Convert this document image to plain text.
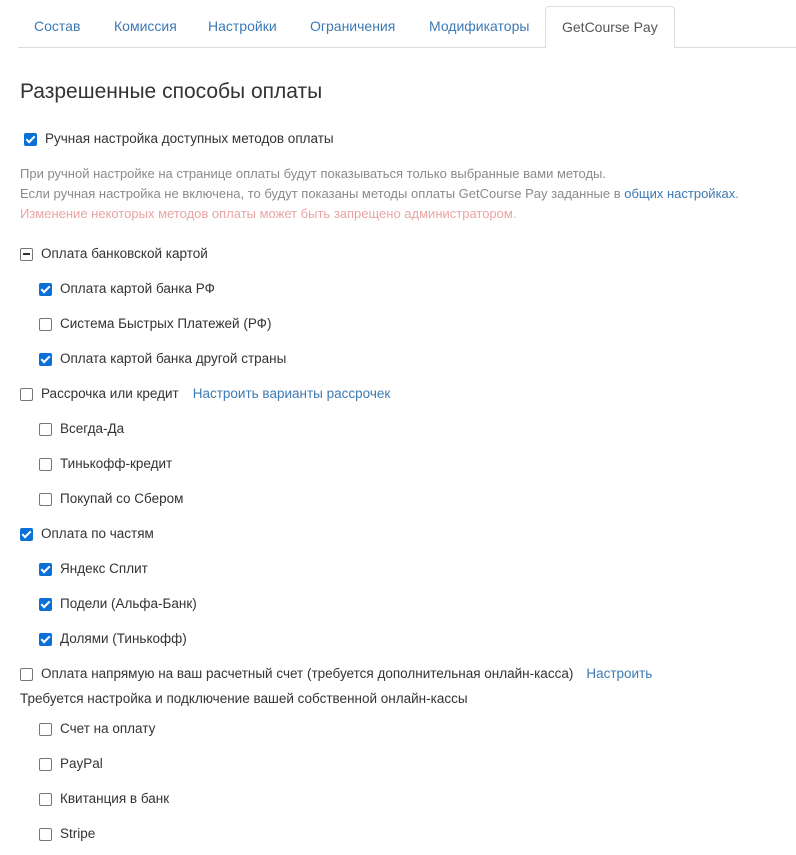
Состав	Комиссия	Настройки	Ограничения	Модификаторы	GetCourse Pay
Разрешенные способы оплаты
Ручная настройка доступных методов оплаты
При ручной настройке на странице оплаты будут показываться только выбранные вами методы.
Если ручная настройка не включена, то будут показаны методы оплаты GetCourse Pay заданные в общих настройках.
Изменение некоторых методов оплаты может быть запрещено администратором.
Оплата банковской картой
Оплата картой банка РФ
Система Быстрых Платежей (РФ)
Оплата картой банка другой страны
Рассрочка или кредит Настроить варианты рассрочек
Всегда-Да
Тинькофф-кредит
Покупай со Сбером
Оплата по частям
Яндекс Сплит
Подели (Альфа-Банк)
Долями (Тинькофф)
Оплата напрямую на ваш расчетный счет (требуется дополнительная онлайн-касса) Настроить
Требуется настройка и подключение вашей собственной онлайн-кассы
Счет на оплату
PayPal
Квитанция в банк
Stripe
